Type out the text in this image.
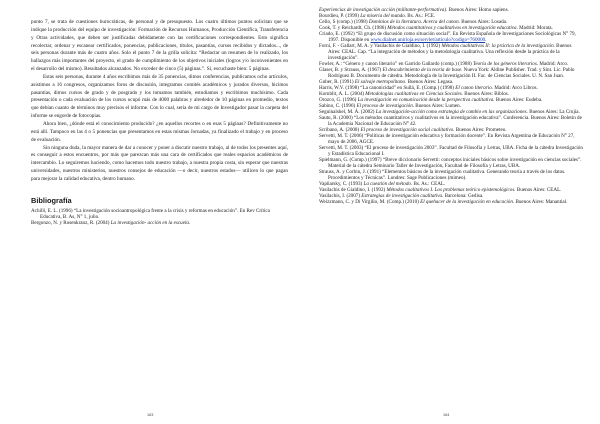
punto 7, se trata de cuestiones burocráticas, de personal y de presupuesto. Los cuatro últimos puntos solicitan que se indique la producción del equipo de investigación: Formación de Recursos Humanos, Producción Científica, Transferencia y Otras actividades, que deben ser justificadas debidamente con las certificaciones correspondientes. Esto significa recolectar, ordenar y escanear certificados, ponencias, publicaciones, títulos, pasantías, cursos recibidos y dictados..., de seis personas durante más de cuatro años. Solo el punto 7 de la grilla solicita: “Redactar un resumen de lo realizado, los hallazgos más importantes del proyecto, el grado de cumplimiento de los objetivos iniciales (logros y/o inconvenientes en el desarrollo del mismo). Resultados alcanzados. No exceder de cinco (5) páginas.”. Sí, escuchaste bien: 5 páginas.

Estas seis personas, durante 4 años escribimos más de 35 ponencias, dimos conferencias, publicamos ocho artículos, asistimos a 16 congresos, organizamos foros de discusión, integramos comités académicos y jurados diversos, hicimos pasantías, dimos cursos de grado y de posgrado y los tomamos también, estudiamos y escribimos muchísimo. Cada presentación o cada evaluación de los cursos ocupó más de 4000 palabras y alrededor de 10 páginas en promedio, textos que debían cuanto de términos muy precisos el informe. Con lo cual, sería de mi cargo de Investigador pasar la carpeta del informe se engorde de fotocopias.

Ahora bien, ¿dónde está el conocimiento producido? ¿en aquellos recortes o en esas 5 páginas? Definitivamente no está allí. Tampoco en las 4 o 5 ponencias que presentamos en estas mismas Jornadas, ya finalizado el trabajo y en proceso de evaluación.

Sin ninguna duda, la mayor manera de dar a conocer y poner a discutir nuestro trabajo, al de todos los presentes aquí, es conseguir a estos encuentros, por más que parezcan más una cara de certificados que reales espacios académicos de intercambio. Lo seguiremos haciendo, como hacemos todo nuestro trabajo, a nuestra propia costa, sin esperar que nuestras universidades, nuestros ministerios, nuestros consejos de educación —o decir, nuestros estados— utilicen lo que pagan para mejorar la calidad educativa, dentro humano.

Bibliografía

Achilli, E. L. (1996) “La investigación socioantropológica frente a la crisis y reformas en educación”. En Rev Crítica Educativa, B. As, N° 1, julio.

Bergonzo, N. y Rosenkranz, R. (2004) La investigación- acción en la escuela.

163

Experiencias de investigación acción (militante-performativa). Buenos Aires: Homo sapiens.

Bourdieu, P. (1999) La miseria del mundo. Bs. As.: FCE.

Cello, S (comp.) (1998) Dominios de la literatura. Acerca del canon. Buenos Aires: Losada.

Cook, T. y Reichardt, Ch. (1986) Métodos cuantitativos y cualitativos en investigación educativa. Madrid: Morata.

Criado, E. (1992) “El grupo de discusión como situación social”. En Revista Española de Investigaciones Sociológicas N° 79, 1997. Disponible en www.dialnet.unirioja.es/servlet/articulo?codigo=760000.

Forni, F. - Gallart, M. A. y Vasilachis de Gialdino, I. (1992) Métodos cualitativos II: la práctica de la investigación. Buenos Aires: CEAL. Cap. “La integración de métodos y la metodología cualitativa. Una reflexión desde la práctica de la investigación”.

Fowler, A.: “Género y canon literario” en Garrido Gallardo (comp.) (1988) Teoría de los géneros literarios. Madrid: Arco.

Glaser, B. y Strauss, A. (1967) El descubrimiento de la teoría de base. Nueva York: Aldine Publisher. Trad. y Sint. Lic. Pablo Rodríguez B. Documento de cátedra. Metodología de la Investigación II. Fac. de Ciencias Sociales. U. N. San Juan.

Guber, R. (1991) El salvaje metropolitano. Buenos Aires: Legasa.

Harris, W.V. (1998) “La canonicidad” en Sullá, E. (Comp.) (1998) El canon literario. Madrid: Arco Libros.

Kornblit, A. L. (2004) Metodologías cualitativas en Ciencias Sociales. Buenos Aires: Biblos.

Orozco, G. (1996) La investigación en comunicación desde la perspectiva cualitativa. Buenos Aires: Eudeba.

Sabino, C. (1996) El proceso de investigación. Buenos Aires: Lumen.

Seguinalshel, M. Á. (2002) La investigación-acción como estrategia de cambio en las organizaciones. Buenos Aires: La Crujía.

Sautu, R. (2000) “Los métodos cuantitativos y cualitativos en la investigación educativa”. Conferencia. Buenos Aires: Boletín de la Academia Nacional de Educación N° 42.

Scribano, A. (2008) El proceso de investigación social cualitativo. Buenos Aires: Prometeo.

Servetti, M. T. (2006) “Políticas de investigación educativa y formación docente”. En Revista Argentina de Educación N° 27, mayo de 2006, AGCE.

Servetti, M. T. (2003) “El proceso de investigación 2003”. Facultad de Filosofía y Letras, UBA. Ficha de la cátedra Investigación y Estadística Educacional I.

Spielmann, G. (Comp.) (1997) “Breve diccionario Servetti: conceptos iniciales básicos sobre investigación en ciencias sociales”. Material de la cátedra Seminario Taller de Investigación, Facultad de Filosofía y Letras, UBA.

Strauss, A. y Corbin, J. (1991) “Elementos básicos de la investigación cualitativa. Generando teoría a través de los datos. Procedimientos y Técnicas”. Londres: Sage Publicaciones (mimeo).

Vapñarsky, C. (1993) La cuestión del método. Bs. As.: CEAL.

Vasilachis de Gialdino, I. (1992) Métodos cualitativos I. Los problemas teórico epistemológicos. Buenos Aires: CEAL.

Vasilachis, I. (2007) Estrategias de investigación cualitativa. Barcelona: Gedisa.

Weizzmann, C. y Di Virgilio, M. (Comp.) (2010) El quehacer de la investigación en educación. Buenos Aires: Manantial.

164
